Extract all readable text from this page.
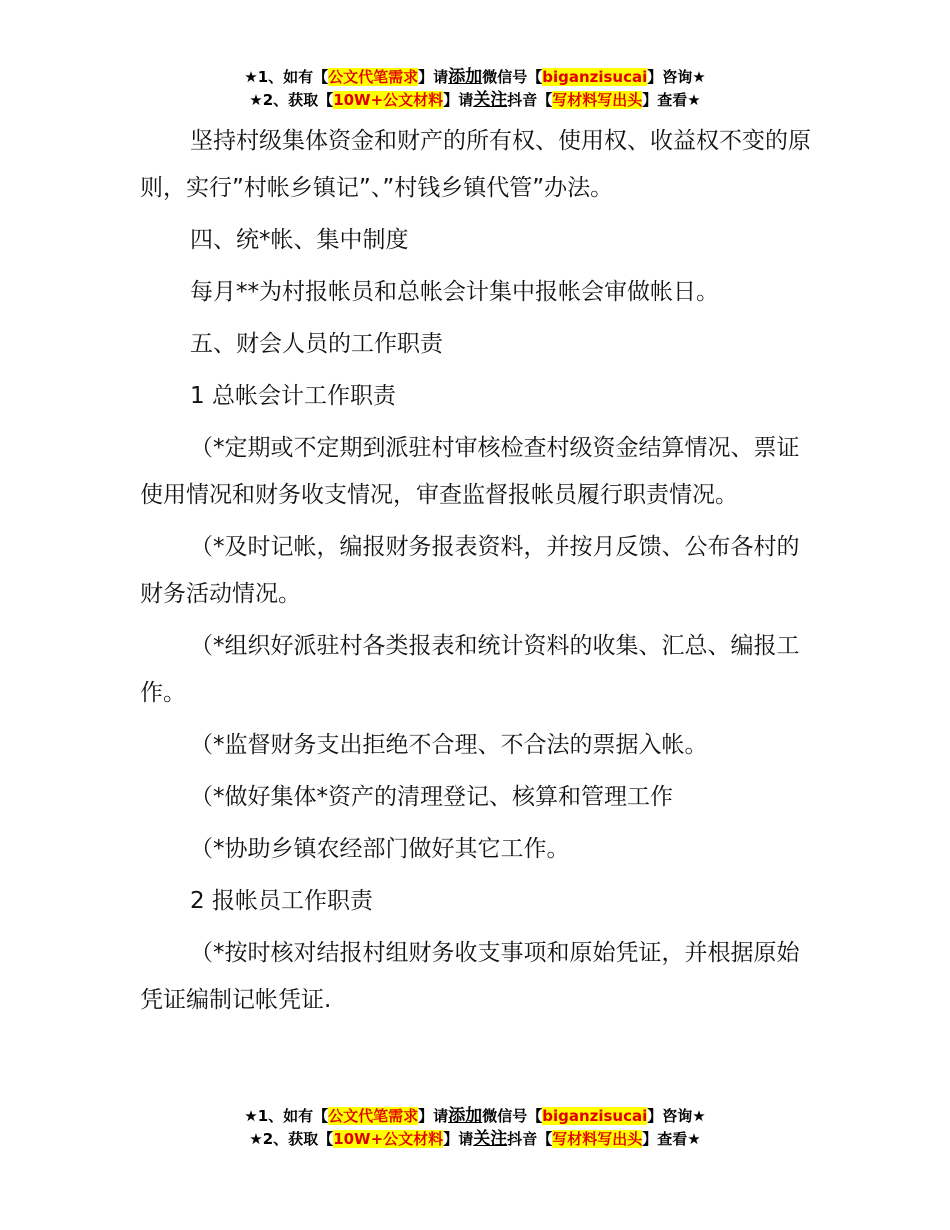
★1、如有【公文代笔需求】请添加微信号【biganzisucai】咨询★
★2、获取【10W+公文材料】请关注抖音【写材料写出头】查看★

坚持村级集体资金和财产的所有权、使用权、收益权不变的原则，实行”村帐乡镇记”、”村钱乡镇代管”办法。

四、统*帐、集中制度

每月**为村报帐员和总帐会计集中报帐会审做帐日。

五、财会人员的工作职责

1 总帐会计工作职责

（*定期或不定期到派驻村审核检查村级资金结算情况、票证使用情况和财务收支情况，审查监督报帐员履行职责情况。

（*及时记帐，编报财务报表资料，并按月反馈、公布各村的财务活动情况。

（*组织好派驻村各类报表和统计资料的收集、汇总、编报工作。

（*监督财务支出拒绝不合理、不合法的票据入帐。

（*做好集体*资产的清理登记、核算和管理工作

（*协助乡镇农经部门做好其它工作。

2 报帐员工作职责

（*按时核对结报村组财务收支事项和原始凭证，并根据原始凭证编制记帐凭证.

★1、如有【公文代笔需求】请添加微信号【biganzisucai】咨询★
★2、获取【10W+公文材料】请关注抖音【写材料写出头】查看★
